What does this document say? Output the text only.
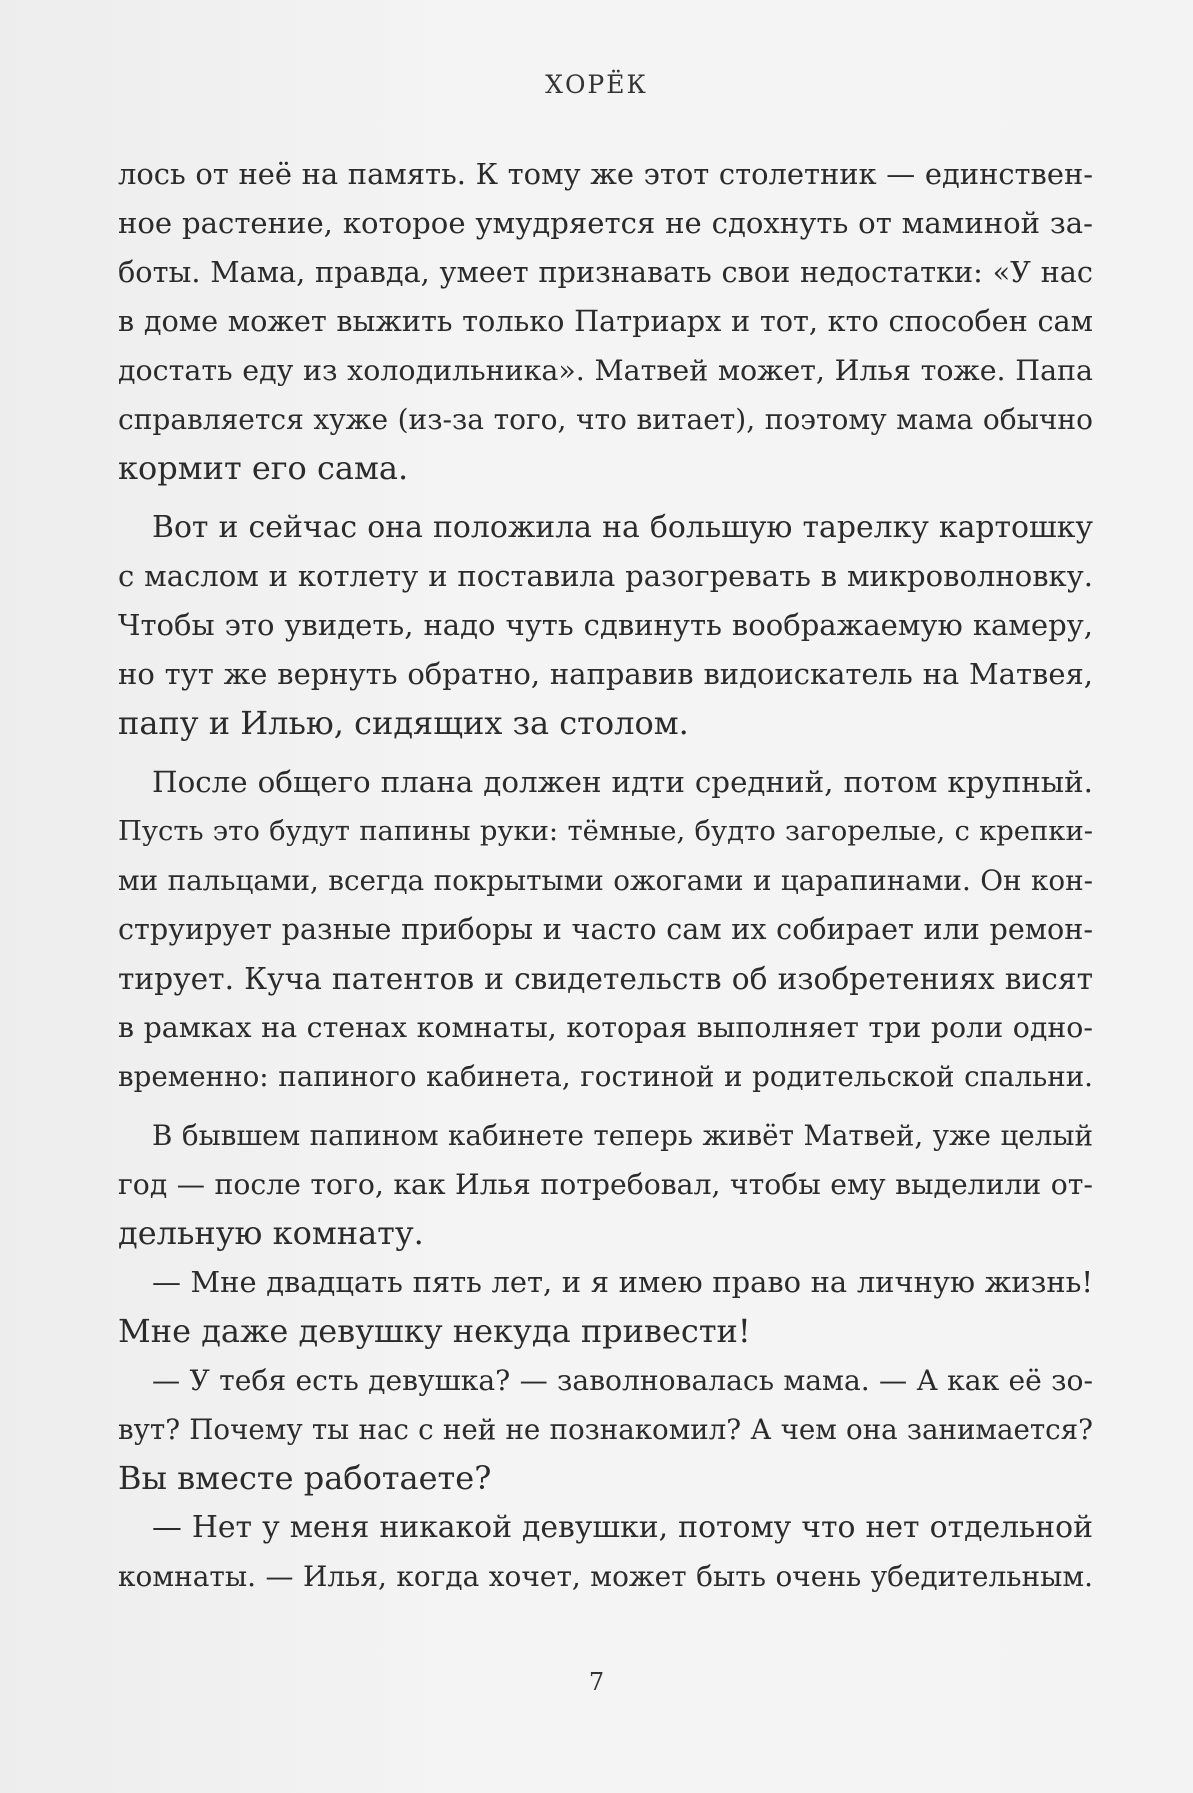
ХОРЁК
лось от неё на память. К тому же этот столетник — единствен-
ное растение, которое умудряется не сдохнуть от маминой за-
боты. Мама, правда, умеет признавать свои недостатки: «У нас
в доме может выжить только Патриарх и тот, кто способен сам
достать еду из холодильника». Матвей может, Илья тоже. Папа
справляется хуже (из-за того, что витает), поэтому мама обычно
кормит его сама.
Вот и сейчас она положила на большую тарелку картошку
с маслом и котлету и поставила разогревать в микроволновку.
Чтобы это увидеть, надо чуть сдвинуть воображаемую камеру,
но тут же вернуть обратно, направив видоискатель на Матвея,
папу и Илью, сидящих за столом.
После общего плана должен идти средний, потом крупный.
Пусть это будут папины руки: тёмные, будто загорелые, с крепки-
ми пальцами, всегда покрытыми ожогами и царапинами. Он кон-
струирует разные приборы и часто сам их собирает или ремон-
тирует. Куча патентов и свидетельств об изобретениях висят
в рамках на стенах комнаты, которая выполняет три роли одно-
временно: папиного кабинета, гостиной и родительской спальни.
В бывшем папином кабинете теперь живёт Матвей, уже целый
год — после того, как Илья потребовал, чтобы ему выделили от-
дельную комнату.
— Мне двадцать пять лет, и я имею право на личную жизнь!
Мне даже девушку некуда привести!
— У тебя есть девушка? — заволновалась мама. — А как её зо-
вут? Почему ты нас с ней не познакомил? А чем она занимается?
Вы вместе работаете?
— Нет у меня никакой девушки, потому что нет отдельной
комнаты. — Илья, когда хочет, может быть очень убедительным.
7
